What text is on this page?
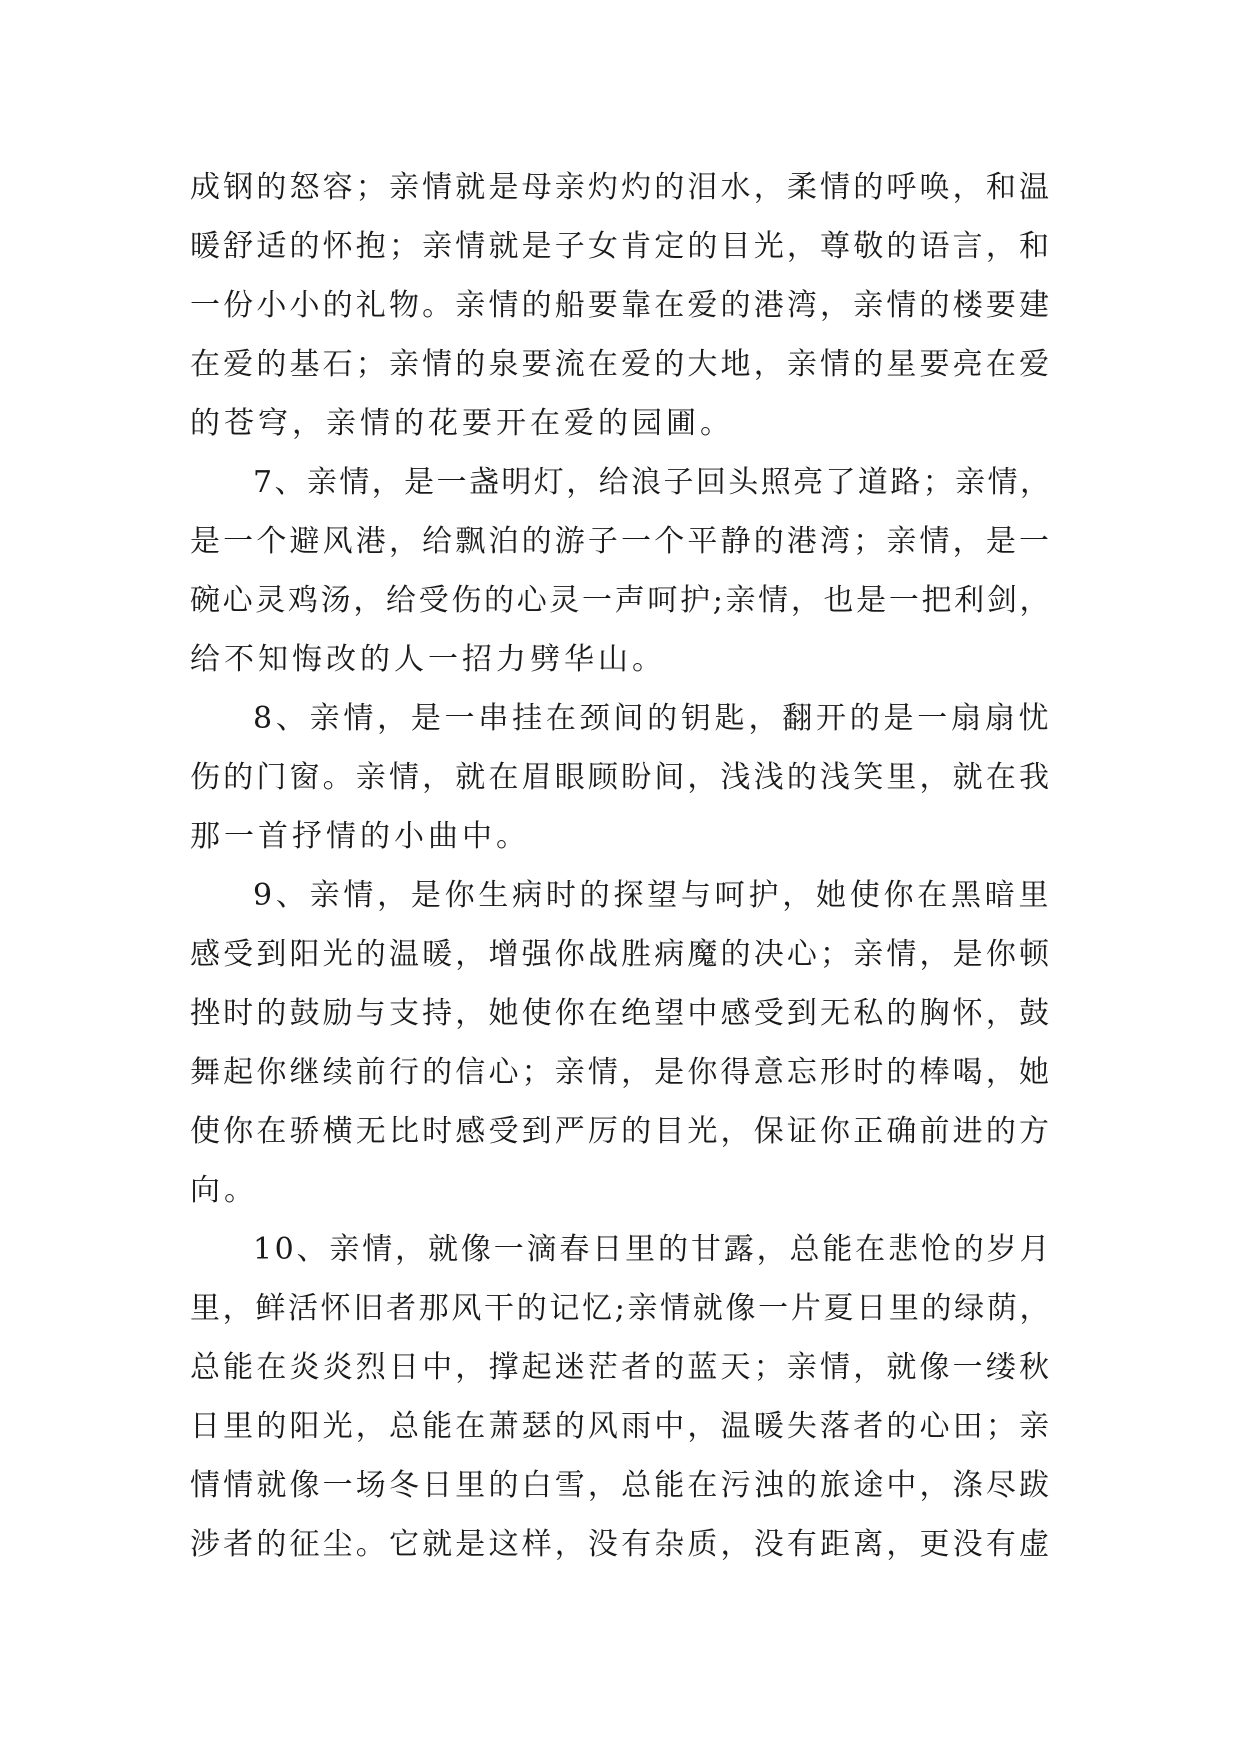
成钢的怒容；亲情就是母亲灼灼的泪水，柔情的呼唤，和温
暖舒适的怀抱；亲情就是子女肯定的目光，尊敬的语言，和
一份小小的礼物。亲情的船要靠在爱的港湾，亲情的楼要建
在爱的基石；亲情的泉要流在爱的大地，亲情的星要亮在爱
的苍穹，亲情的花要开在爱的园圃。
7、亲情，是一盏明灯，给浪子回头照亮了道路；亲情，
是一个避风港，给飘泊的游子一个平静的港湾；亲情，是一
碗心灵鸡汤，给受伤的心灵一声呵护;亲情，也是一把利剑，
给不知悔改的人一招力劈华山。
8、亲情，是一串挂在颈间的钥匙，翻开的是一扇扇忧
伤的门窗。亲情，就在眉眼顾盼间，浅浅的浅笑里，就在我
那一首抒情的小曲中。
9、亲情，是你生病时的探望与呵护，她使你在黑暗里
感受到阳光的温暖，增强你战胜病魔的决心；亲情，是你顿
挫时的鼓励与支持，她使你在绝望中感受到无私的胸怀，鼓
舞起你继续前行的信心；亲情，是你得意忘形时的棒喝，她
使你在骄横无比时感受到严厉的目光，保证你正确前进的方
向。
10、亲情，就像一滴春日里的甘露，总能在悲怆的岁月
里，鲜活怀旧者那风干的记忆;亲情就像一片夏日里的绿荫，
总能在炎炎烈日中，撑起迷茫者的蓝天；亲情，就像一缕秋
日里的阳光，总能在萧瑟的风雨中，温暖失落者的心田；亲
情情就像一场冬日里的白雪，总能在污浊的旅途中，涤尽跋
涉者的征尘。它就是这样，没有杂质，没有距离，更没有虚
